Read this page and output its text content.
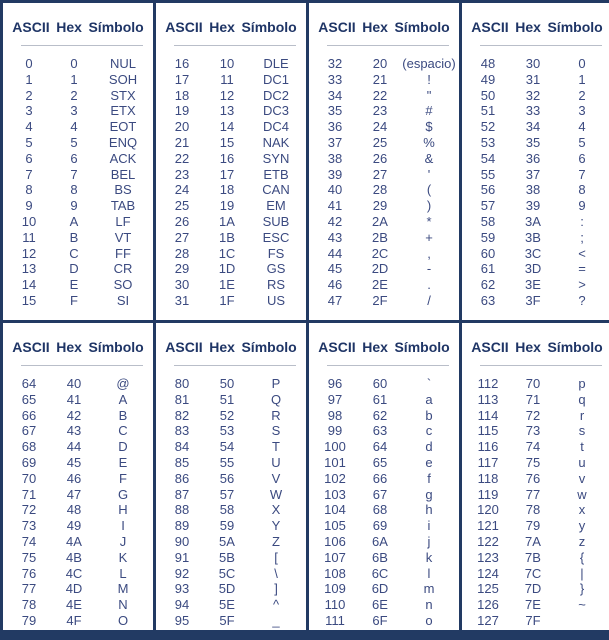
ASCII Hex Símbolo
0	0	NUL
1	1	SOH
2	2	STX
3	3	ETX
4	4	EOT
5	5	ENQ
6	6	ACK
7	7	BEL
8	8	BS
9	9	TAB
10	A	LF
11	B	VT
12	C	FF
13	D	CR
14	E	SO
15	F	SI
ASCII Hex Símbolo
16	10	DLE
17	11	DC1
18	12	DC2
19	13	DC3
20	14	DC4
21	15	NAK
22	16	SYN
23	17	ETB
24	18	CAN
25	19	EM
26	1A	SUB
27	1B	ESC
28	1C	FS
29	1D	GS
30	1E	RS
31	1F	US
ASCII Hex Símbolo
32	20	(espacio)
33	21	!
34	22	"
35	23	#
36	24	$
37	25	%
38	26	&
39	27	'
40	28	(
41	29	)
42	2A	*
43	2B	+
44	2C	,
45	2D	-
46	2E	.
47	2F	/
ASCII Hex Símbolo
48	30	0
49	31	1
50	32	2
51	33	3
52	34	4
53	35	5
54	36	6
55	37	7
56	38	8
57	39	9
58	3A	:
59	3B	;
60	3C	<
61	3D	=
62	3E	>
63	3F	?
ASCII Hex Símbolo
64	40	@
65	41	A
66	42	B
67	43	C
68	44	D
69	45	E
70	46	F
71	47	G
72	48	H
73	49	I
74	4A	J
75	4B	K
76	4C	L
77	4D	M
78	4E	N
79	4F	O
ASCII Hex Símbolo
80	50	P
81	51	Q
82	52	R
83	53	S
84	54	T
85	55	U
86	56	V
87	57	W
88	58	X
89	59	Y
90	5A	Z
91	5B	[
92	5C	\
93	5D	]
94	5E	^
95	5F	_
ASCII Hex Símbolo
96	60	`
97	61	a
98	62	b
99	63	c
100	64	d
101	65	e
102	66	f
103	67	g
104	68	h
105	69	i
106	6A	j
107	6B	k
108	6C	l
109	6D	m
110	6E	n
111	6F	o
ASCII Hex Símbolo
112	70	p
113	71	q
114	72	r
115	73	s
116	74	t
117	75	u
118	76	v
119	77	w
120	78	x
121	79	y
122	7A	z
123	7B	{
124	7C	|
125	7D	}
126	7E	~
127	7F
